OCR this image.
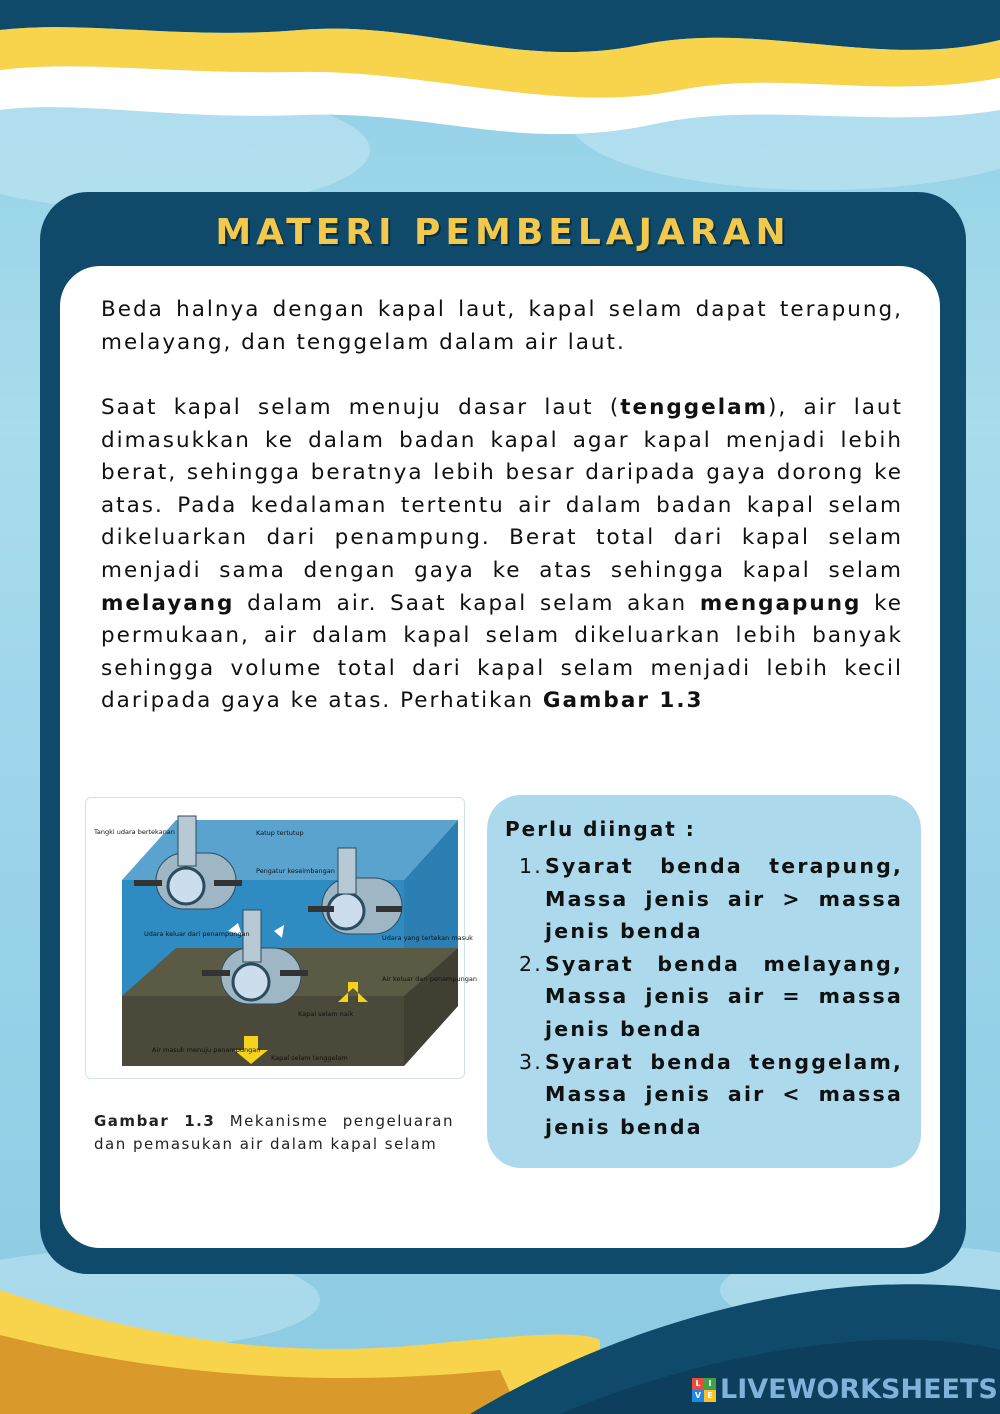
MATERI PEMBELAJARAN
Beda halnya dengan kapal laut, kapal selam dapat terapung, melayang, dan tenggelam dalam air laut.
Saat kapal selam menuju dasar laut (tenggelam), air laut dimasukkan ke dalam badan kapal agar kapal menjadi lebih berat, sehingga beratnya lebih besar daripada gaya dorong ke atas. Pada kedalaman tertentu air dalam badan kapal selam dikeluarkan dari penampung. Berat total dari kapal selam menjadi sama dengan gaya ke atas sehingga kapal selam melayang dalam air. Saat kapal selam akan mengapung ke permukaan, air dalam kapal selam dikeluarkan lebih banyak sehingga volume total dari kapal selam menjadi lebih kecil daripada gaya ke atas. Perhatikan Gambar 1.3
Tangki udara bertekanan	Katup tertutup
Pengatur keseimbangan
Udara keluar dari penampungan	Udara yang tertekan masuk
Air keluar dari penampungan
Kapal selam naik
Air masuk menuju penampungan
Kapal selam tenggelam
Gambar 1.3 Mekanisme pengeluaran dan pemasukan air dalam kapal selam
Perlu diingat :
1. Syarat benda terapung, Massa jenis air > massa jenis benda
2. Syarat benda melayang, Massa jenis air = massa jenis benda
3. Syarat benda tenggelam, Massa jenis air < massa jenis benda
L I
V E LIVEWORKSHEETS
